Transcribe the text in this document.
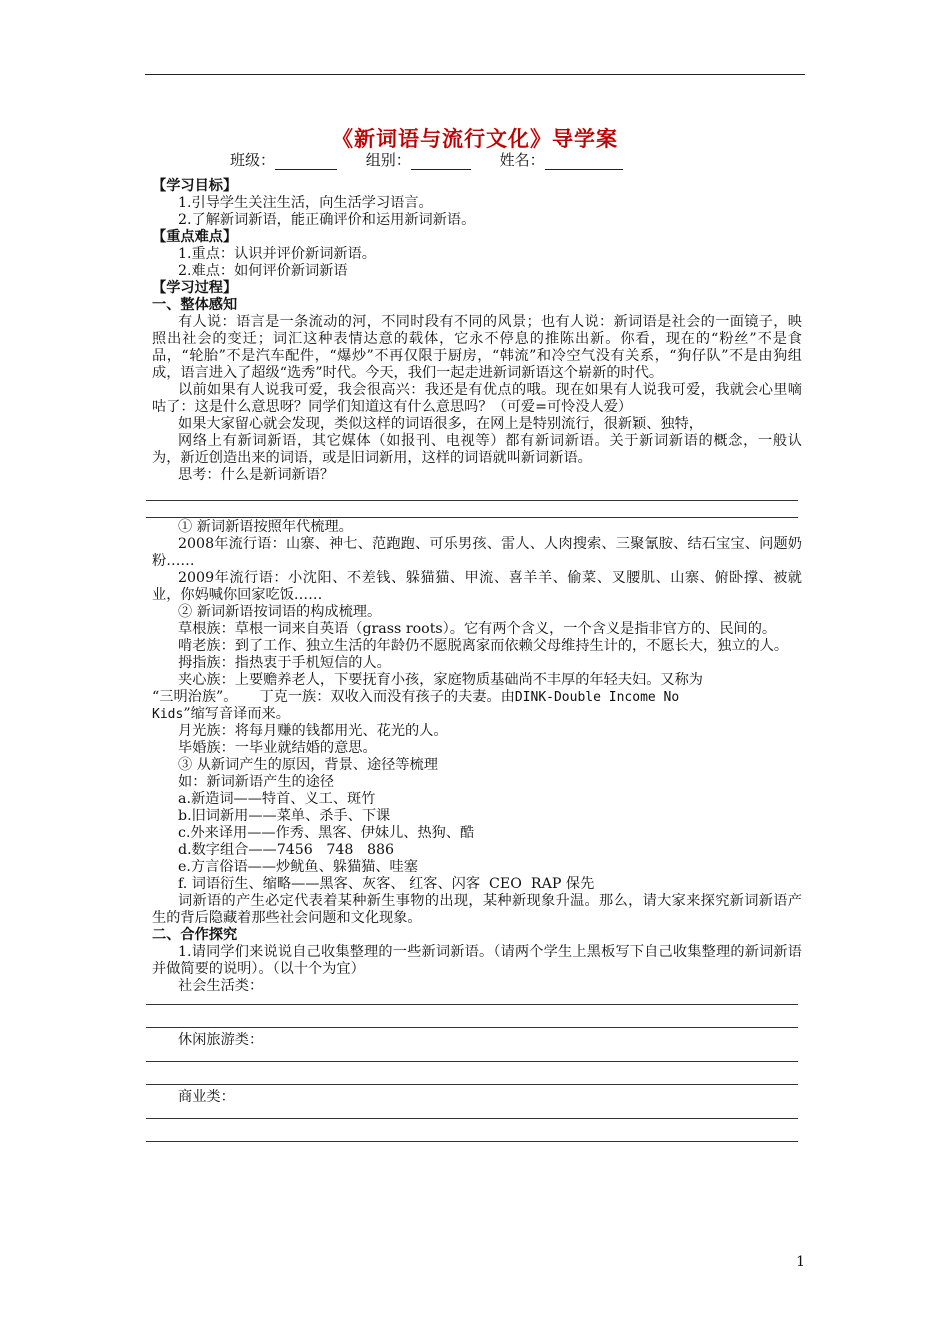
《新词语与流行文化》导学案
班级：	组别：	姓名：
【学习目标】
1.引导学生关注生活，向生活学习语言。
2.了解新词新语，能正确评价和运用新词新语。
【重点难点】
1.重点：认识并评价新词新语。
2.难点：如何评价新词新语
【学习过程】
一、整体感知
有人说：语言是一条流动的河，不同时段有不同的风景；也有人说：新词语是社会的一面镜子，映照出社会的变迁；词汇这种表情达意的载体，它永不停息的推陈出新。你看，现在的“粉丝”不是食品，“轮胎”不是汽车配件，“爆炒”不再仅限于厨房，“韩流”和冷空气没有关系，“狗仔队”不是由狗组成，语言进入了超级“选秀”时代。今天，我们一起走进新词新语这个崭新的时代。
以前如果有人说我可爱，我会很高兴：我还是有优点的哦。现在如果有人说我可爱，我就会心里嘀咕了：这是什么意思呀？同学们知道这有什么意思吗？（可爱=可怜没人爱）
如果大家留心就会发现，类似这样的词语很多，在网上是特别流行，很新颖、独特，
网络上有新词新语，其它媒体（如报刊、电视等）都有新词新语。关于新词新语的概念，一般认为，新近创造出来的词语，或是旧词新用，这样的词语就叫新词新语。
思考：什么是新词新语？
① 新词新语按照年代梳理。
2008年流行语：山寨、神七、范跑跑、可乐男孩、雷人、人肉搜索、三聚氰胺、结石宝宝、问题奶粉……
2009年流行语：小沈阳、不差钱、躲猫猫、甲流、喜羊羊、偷菜、叉腰肌、山寨、俯卧撑、被就业，你妈喊你回家吃饭……
② 新词新语按词语的构成梳理。
草根族：草根一词来自英语（grass roots）。它有两个含义，一个含义是指非官方的、民间的。
啃老族：到了工作、独立生活的年龄仍不愿脱离家而依赖父母维持生计的，不愿长大，独立的人。
拇指族：指热衷于手机短信的人。
夹心族：上要赡养老人，下要抚育小孩，家庭物质基础尚不丰厚的年轻夫妇。又称为
“三明治族”。 丁克一族：双收入而没有孩子的夫妻。由DINK-Double Income No
Kids”缩写音译而来。
月光族：将每月赚的钱都用光、花光的人。
毕婚族：一毕业就结婚的意思。
③ 从新词产生的原因，背景、途径等梳理
如：新词新语产生的途径
a.新造词——特首、义工、斑竹
b.旧词新用——菜单、杀手、下课
c.外来译用——作秀、黑客、伊妹儿、热狗、酷
d.数字组合——7456   748   886
e.方言俗语——炒鱿鱼、躲猫猫、哇塞
f. 词语衍生、缩略——黑客、灰客、 红客、闪客  CEO  RAP 保先
词新语的产生必定代表着某种新生事物的出现，某种新现象升温。那么，请大家来探究新词新语产生的背后隐藏着那些社会问题和文化现象。
二、合作探究
1.请同学们来说说自己收集整理的一些新词新语。（请两个学生上黑板写下自己收集整理的新词新语并做简要的说明）。（以十个为宜）
社会生活类：
休闲旅游类：
商业类：
1
